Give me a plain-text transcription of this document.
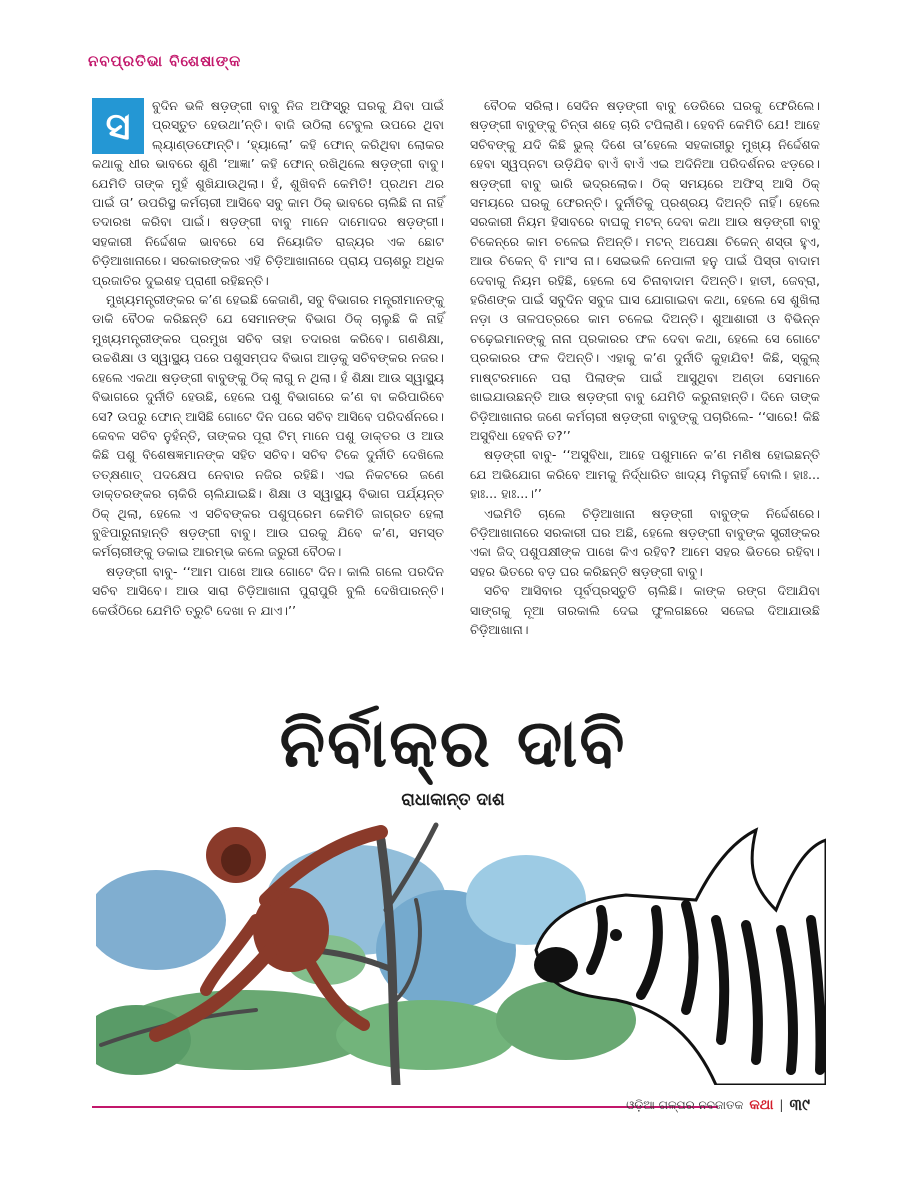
ନବପ୍ରତିଭା ବିଶେଷାଙ୍କ
ସ	ବୁଦିନ ଭଳି ଷଡ଼ଙ୍ଗୀ ବାବୁ ନିଜ ଅଫିସ୍‌ରୁ ଘରକୁ ଯିବା ପାଇଁ ପ୍ରସ୍ତୁତ ହେଉଥା’ନ୍ତି। ବାଜି ଉଠିଲା ଟେବୁଲ ଉପରେ ଥିବା ଲ୍ୟାଣ୍ଡଫୋନ୍‌ଟି। ‘ହ୍ୟାଲୋ’ କହି ଫୋନ୍ କରିଥିବା ଲୋକର କଥାକୁ ଧୀର ଭାବରେ ଶୁଣି ‘ଆଜ୍ଞା’ କହି ଫୋନ୍ ରଖିଥିଲେ ଷଡ଼ଙ୍ଗୀ ବାବୁ। ଯେମିତି ତାଙ୍କ ମୁହଁ ଶୁଖିଯାଉଥିଲା। ହଁ, ଶୁଖିବନି କେମିତି! ପ୍ରଥମ ଥର ପାଇଁ ତା’ ଉପରିସ୍ଥ କର୍ମଚାରୀ ଆସିବେ ସବୁ କାମ ଠିକ୍ ଭାବରେ ଚାଲିଛି ନା ନାହିଁ ତଦାରଖ କରିବା ପାଇଁ। ଷଡ଼ଙ୍ଗୀ ବାବୁ ମାନେ ଦାମୋଦର ଷଡ଼ଙ୍ଗୀ। ସହକାରୀ ନିର୍ଦ୍ଦେଶକ ଭାବରେ ସେ ନିୟୋଜିତ ରାଜ୍ୟର ଏକ ଛୋଟ ଚିଡ଼ିଆଖାନାରେ। ସରକାରଙ୍କର ଏହି ଚିଡ଼ିଆଖାନାରେ ପ୍ରାୟ ପଚାଶରୁ ଅଧିକ ପ୍ରଜାତିର ଦୁଇଶହ ପ୍ରାଣୀ ରହିଛନ୍ତି।

ମୁଖ୍ୟମନ୍ତ୍ରୀଙ୍କର କ’ଣ ହେଇଛି କେଜାଣି, ସବୁ ବିଭାଗର ମନ୍ତ୍ରୀମାନଙ୍କୁ ଡାକି ବୈଠକ କରିଛନ୍ତି ଯେ ସେମାନଙ୍କ ବିଭାଗ ଠିକ୍ ଚାଲୁଛି କି ନାହିଁ ମୁଖ୍ୟମନ୍ତ୍ରୀଙ୍କର ପ୍ରମୁଖ ସଚିବ ତାହା ତଦାରଖ କରିବେ। ଗଣଶିକ୍ଷା, ଉଚ୍ଚଶିକ୍ଷା ଓ ସ୍ୱାସ୍ଥ୍ୟ ପରେ ପଶୁସମ୍ପଦ ବିଭାଗ ଆଡ଼କୁ ସଚିବଙ୍କର ନଜର। ହେଲେ ଏକଥା ଷଡ଼ଙ୍ଗୀ ବାବୁଙ୍କୁ ଠିକ୍ ଲାଗୁ ନ ଥିଲା। ହଁ ଶିକ୍ଷା ଆଉ ସ୍ୱାସ୍ଥ୍ୟ ବିଭାଗରେ ଦୁର୍ନୀତି ହେଉଛି, ହେଲେ ପଶୁ ବିଭାଗରେ କ’ଣ ବା କରିପାରିବେ ସେ? ଉପରୁ ଫୋନ୍ ଆସିଛି ଗୋଟେ ଦିନ ପରେ ସଚିବ ଆସିବେ ପରିଦର୍ଶନରେ। କେବଳ ସଚିବ ନୁହଁନ୍ତି, ତାଙ୍କର ପୂରା ଟିମ୍ ମାନେ ପଶୁ ଡାକ୍ତର ଓ ଆଉ କିଛି ପଶୁ ବିଶେଷଜ୍ଞମାନଙ୍କ ସହିତ ସଚିବ। ସଚିବ ଟିକେ ଦୁର୍ନୀତି ଦେଖିଲେ ତତ୍‌କ୍ଷଣାତ୍ ପଦକ୍ଷେପ ନେବାର ନଜିର ରହିଛି। ଏଇ ନିକଟରେ ଜଣେ ଡାକ୍ତରଙ୍କର ଚାକିରି ଚାଲିଯାଇଛି। ଶିକ୍ଷା ଓ ସ୍ୱାସ୍ଥ୍ୟ ବିଭାଗ ପର୍ଯ୍ୟନ୍ତ ଠିକ୍ ଥିଲା, ହେଲେ ଏ ସଚିବଙ୍କର ପଶୁପ୍ରେମ କେମିତି ଜାଗ୍ରତ ହେଲା ବୁଝିପାରୁନାହାନ୍ତି ଷଡ଼ଙ୍ଗୀ ବାବୁ। ଆଉ ଘରକୁ ଯିବେ କ’ଣ, ସମସ୍ତ କର୍ମଚାରୀଙ୍କୁ ଡକାଇ ଆରମ୍ଭ କଲେ ଜରୁରୀ ବୈଠକ।

ଷଡ଼ଙ୍ଗୀ ବାବୁ- ‘‘ଆମ ପାଖେ ଆଉ ଗୋଟେ ଦିନ। କାଲି ଗଲେ ପରଦିନ ସଚିବ ଆସିବେ। ଆଉ ସାରା ଚିଡ଼ିଆଖାନା ପୁରାପୁରି ବୁଲି ଦେଖିପାରନ୍ତି। କେଉଁଠିରେ ଯେମିତି ତ୍ରୁଟି ଦେଖା ନ ଯାଏ।’’

ବୈଠକ ସରିଲା। ସେଦିନ ଷଡ଼ଙ୍ଗୀ ବାବୁ ଡେରିରେ ଘରକୁ ଫେରିଲେ। ଷଡ଼ଙ୍ଗୀ ବାବୁଙ୍କୁ ଚିନ୍ତା ଶହେ ଚାରି ଟପିଲାଣି। ହେବନି କେମିତି ଯେ! ଆହେ ସଚିବଙ୍କୁ ଯଦି କିଛି ଭୁଲ୍ ଦିଶେ ତା’ହେଲେ ସହକାରୀରୁ ମୁଖ୍ୟ ନିର୍ଦ୍ଦେଶକ ହେବା ସ୍ୱପ୍ନଟା ଉଡ଼ିଯିବ ବାଏଁ ବାଏଁ ଏଇ ଅଦିନିଆ ପରିଦର୍ଶନର ଝଡ଼ରେ। ଷଡ଼ଙ୍ଗୀ ବାବୁ ଭାରି ଭଦ୍ରଲୋକ। ଠିକ୍ ସମୟରେ ଅଫିସ୍ ଆସି ଠିକ୍ ସମୟରେ ଘରକୁ ଫେରନ୍ତି। ଦୁର୍ନୀତିକୁ ପ୍ରଶ୍ରୟ ଦିଅନ୍ତି ନାହିଁ। ହେଲେ ସରକାରୀ ନିୟମ ହିସାବରେ ବାଘକୁ ମଟନ୍ ଦେବା କଥା ଆଉ ଷଡ଼ଙ୍ଗୀ ବାବୁ ଚିକେନ୍‌ରେ କାମ ଚଳେଇ ନିଅନ୍ତି। ମଟନ୍ ଅପେକ୍ଷା ଚିକେନ୍ ଶସ୍ତା ହୁଏ, ଆଉ ଚିକେନ୍ ବି ମାଂସ ନା। ସେଇଭଳି ନେପାଳୀ ହନୁ ପାଇଁ ପିସ୍ତା ବାଦାମ ଦେବାକୁ ନିୟମ ରହିଛି, ହେଲେ ସେ ଚିନାବାଦାମ ଦିଅନ୍ତି। ହାତୀ, ଜେବ୍ରା, ହରିଣଙ୍କ ପାଇଁ ସବୁଦିନ ସବୁଜ ଘାସ ଯୋଗାଇବା କଥା, ହେଲେ ସେ ଶୁଖିଲା ନଡ଼ା ଓ ତାଳପତ୍ରରେ କାମ ଚଳେଇ ଦିଅନ୍ତି। ଶୁଆଶାରୀ ଓ ବିଭିନ୍ନ ଚଢ଼େଇମାନଙ୍କୁ ନାନା ପ୍ରକାରର ଫଳ ଦେବା କଥା, ହେଲେ ସେ ଗୋଟେ ପ୍ରକାରର ଫଳ ଦିଅନ୍ତି। ଏହାକୁ କ’ଣ ଦୁର୍ନୀତି କୁହାଯିବ! କିଛି, ସ୍କୁଲ୍ ମାଷ୍ଟରମାନେ ପରା ପିଲାଙ୍କ ପାଇଁ ଆସୁଥିବା ଅଣ୍ଡା ସେମାନେ ଖାଇଯାଉଛନ୍ତି ଆଉ ଷଡ଼ଙ୍ଗୀ ବାବୁ ଯେମିତି କରୁନାହାନ୍ତି। ଦିନେ ତାଙ୍କ ଚିଡ଼ିଆଖାନାର ଜଣେ କର୍ମଚାରୀ ଷଡ଼ଙ୍ଗୀ ବାବୁଙ୍କୁ ପଚାରିଲେ- ‘‘ସାରେ! କିଛି ଅସୁବିଧା ହେବନି ତ?’’

ଷଡ଼ଙ୍ଗୀ ବାବୁ- ‘‘ଅସୁବିଧା, ଆହେ ପଶୁମାନେ କ’ଣ ମଣିଷ ହୋଇଛନ୍ତି ଯେ ଅଭିଯୋଗ କରିବେ ଆମକୁ ନିର୍ଦ୍ଧାରିତ ଖାଦ୍ୟ ମିଳୁନାହିଁ ବୋଲି। ହାଃ... ହାଃ... ହାଃ...।’’

ଏଇମିତି ଚାଲେ ଚିଡ଼ିଆଖାନା ଷଡ଼ଙ୍ଗୀ ବାବୁଙ୍କ ନିର୍ଦ୍ଦେଶରେ। ଚିଡ଼ିଆଖାନାରେ ସରକାରୀ ଘର ଅଛି, ହେଲେ ଷଡ଼ଙ୍ଗୀ ବାବୁଙ୍କ ସ୍ତ୍ରୀଙ୍କର ଏକା ଜିଦ୍ ପଶୁପକ୍ଷୀଙ୍କ ପାଖେ କିଏ ରହିବ? ଆମେ ସହର ଭିତରେ ରହିବା। ସହର ଭିତରେ ବଡ଼ ଘର କରିଛନ୍ତି ଷଡ଼ଙ୍ଗୀ ବାବୁ।

ସଚିବ ଆସିବାର ପୂର୍ବପ୍ରସ୍ତୁତି ଚାଲିଛି। କାଙ୍କ ରଙ୍ଗ ଦିଆଯିବା ସାଙ୍ଗକୁ ନୂଆ ତାରକାଲି ଦେଇ ଫୁଲଗଛରେ ସଜେଇ ଦିଆଯାଉଛି ଚିଡ଼ିଆଖାନା।

ନିର୍ବାକ୍‌ର ଦାବି
ରାଧାକାନ୍ତ ଦାଶ
ଓଡ଼ିଆ ଗଳ୍ପର ନବଜାତକ କଥା | ୩୯
